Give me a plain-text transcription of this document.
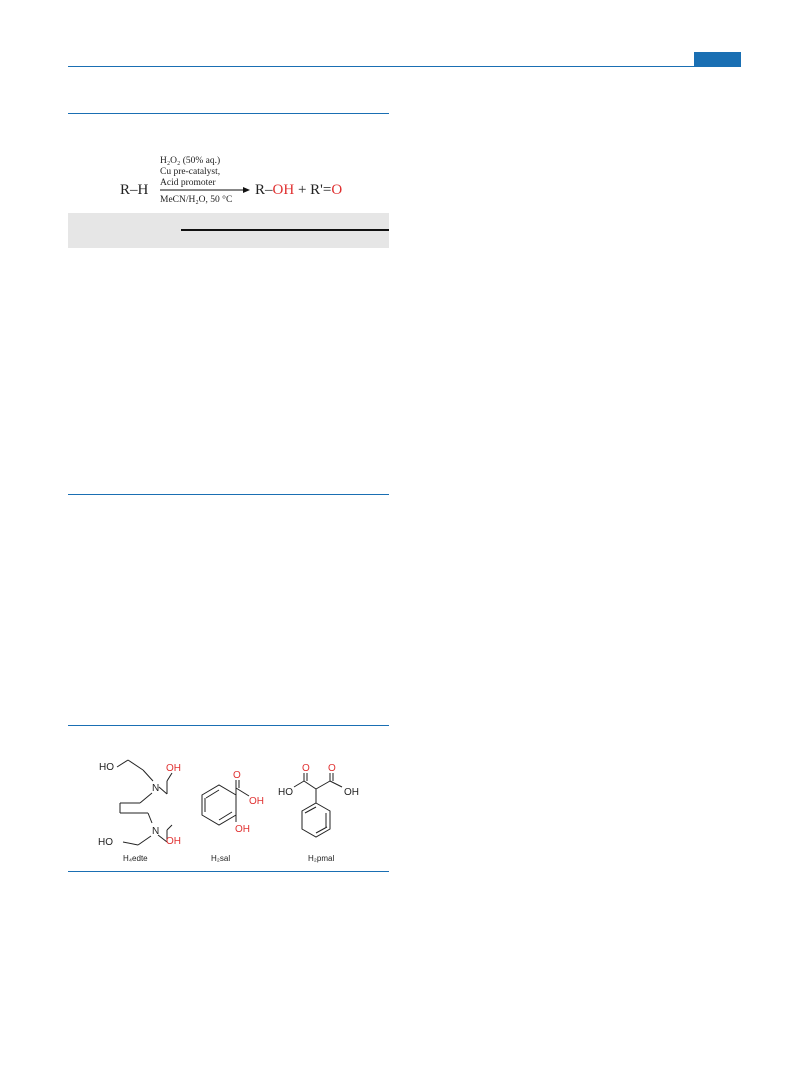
R–H
H₂O₂ (50% aq.)
Cu pre-catalyst,
Acid promoter
MeCN/H₂O, 50 °C
R–OH + R'=O
HO	OH
N
N
HO	OH
H₄edte
O
OH
OH
H₂sal
O O
HO	OH
H₂pmal
